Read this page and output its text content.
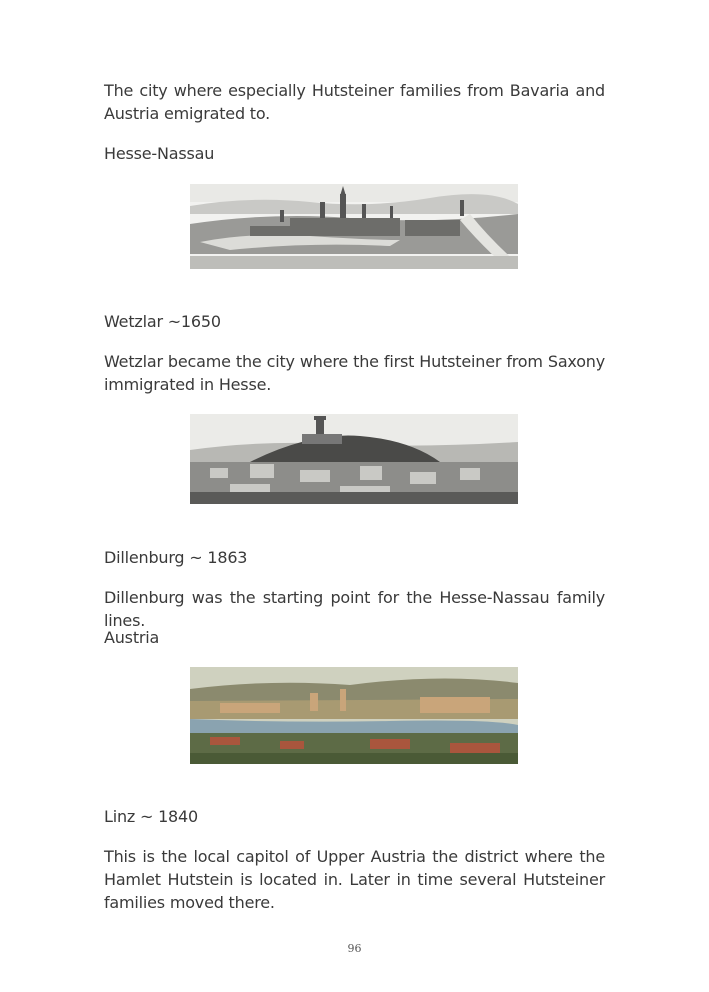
The city where especially Hutsteiner families from Bavaria and Austria emigrated to.

Hesse-Nassau

Wetzlar ~1650

Wetzlar became the city where the first Hutsteiner from Saxony immigrated in Hesse.

Dillenburg ~ 1863

Dillenburg was the starting point for the Hesse-Nassau family lines.

Austria

Linz ~ 1840

This is the local capitol of Upper Austria the district where the Hamlet Hutstein is located in. Later in time several Hutsteiner families moved there.

96
